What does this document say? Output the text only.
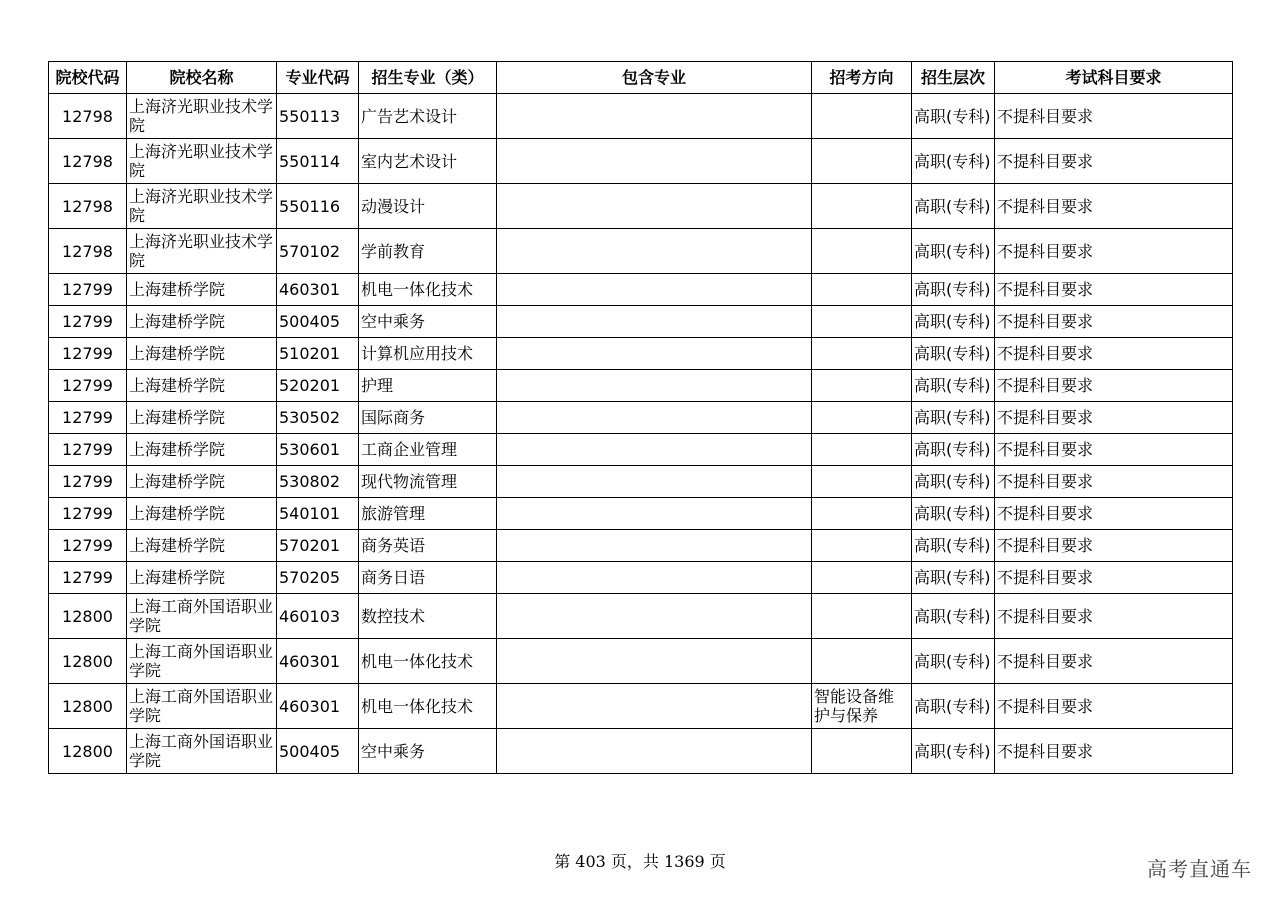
院校代码	院校名称	专业代码	招生专业（类）	包含专业	招考方向	招生层次	考试科目要求
12798	上海济光职业技术学院	550113	广告艺术设计			高职(专科)	不提科目要求
12798	上海济光职业技术学院	550114	室内艺术设计			高职(专科)	不提科目要求
12798	上海济光职业技术学院	550116	动漫设计			高职(专科)	不提科目要求
12798	上海济光职业技术学院	570102	学前教育			高职(专科)	不提科目要求
12799	上海建桥学院	460301	机电一体化技术			高职(专科)	不提科目要求
12799	上海建桥学院	500405	空中乘务			高职(专科)	不提科目要求
12799	上海建桥学院	510201	计算机应用技术			高职(专科)	不提科目要求
12799	上海建桥学院	520201	护理			高职(专科)	不提科目要求
12799	上海建桥学院	530502	国际商务			高职(专科)	不提科目要求
12799	上海建桥学院	530601	工商企业管理			高职(专科)	不提科目要求
12799	上海建桥学院	530802	现代物流管理			高职(专科)	不提科目要求
12799	上海建桥学院	540101	旅游管理			高职(专科)	不提科目要求
12799	上海建桥学院	570201	商务英语			高职(专科)	不提科目要求
12799	上海建桥学院	570205	商务日语			高职(专科)	不提科目要求
12800	上海工商外国语职业学院	460103	数控技术			高职(专科)	不提科目要求
12800	上海工商外国语职业学院	460301	机电一体化技术			高职(专科)	不提科目要求
12800	上海工商外国语职业学院	460301	机电一体化技术		智能设备维护与保养	高职(专科)	不提科目要求
12800	上海工商外国语职业学院	500405	空中乘务			高职(专科)	不提科目要求
第 403 页，共 1369 页	高考直通车
